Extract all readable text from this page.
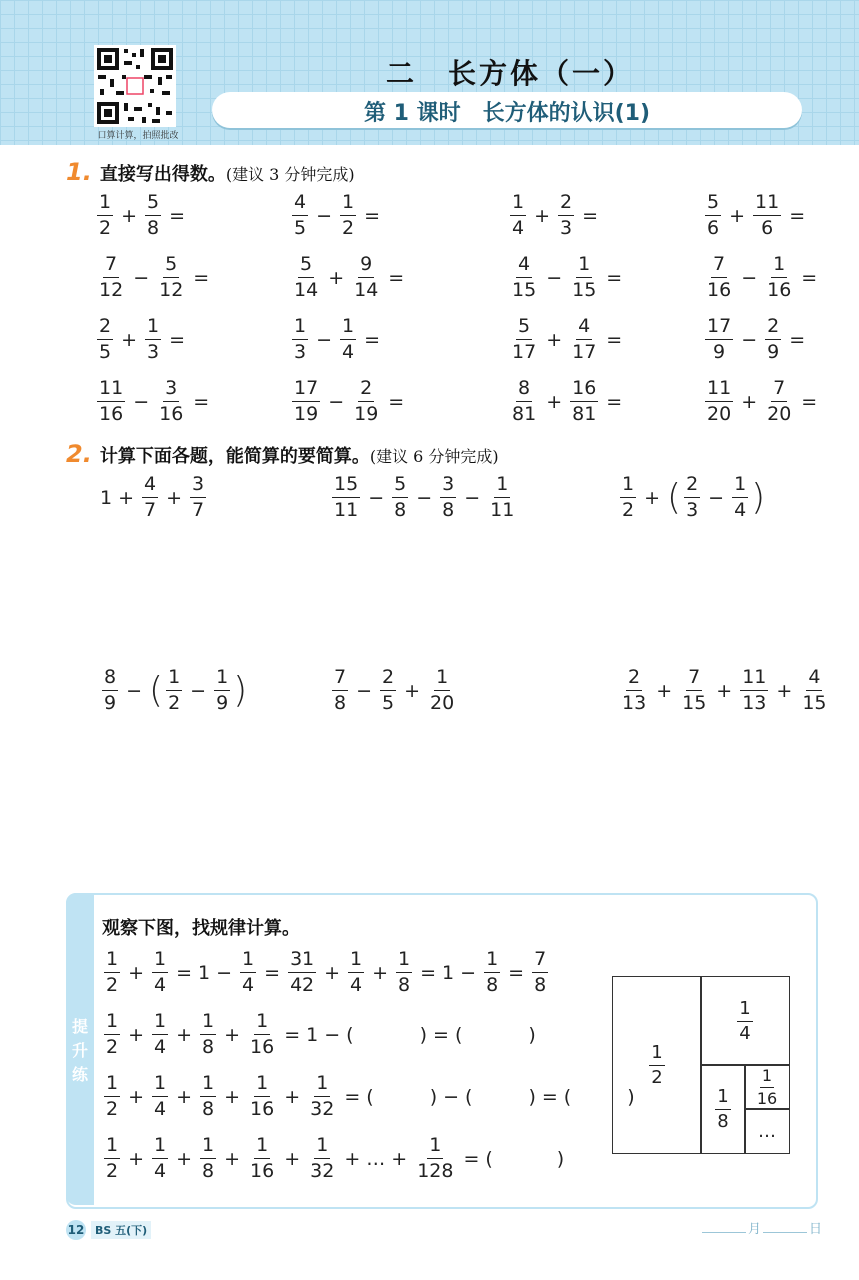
口算计算，拍照批改
二　长方体（一）
第 1 课时　长方体的认识(1)
1. 直接写出得数。(建议 3 分钟完成)
$\frac{1}{2} + \frac{5}{8}$ =	$\frac{4}{5} - \frac{1}{2}$ =	$\frac{1}{4} + \frac{2}{3}$ =	$\frac{5}{6} + \frac{11}{6}$ =
$\frac{7}{12} - \frac{5}{12}$ =	$\frac{5}{14} + \frac{9}{14}$ =	$\frac{4}{15} - \frac{1}{15}$ =	$\frac{7}{16} - \frac{1}{16}$ =
$\frac{2}{5} + \frac{1}{3}$ =	$\frac{1}{3} - \frac{1}{4}$ =	$\frac{5}{17} + \frac{4}{17}$ =	$\frac{17}{9} - \frac{2}{9}$ =
$\frac{11}{16} - \frac{3}{16}$ =	$\frac{17}{19} - \frac{2}{19}$ =	$\frac{8}{81} + \frac{16}{81}$ =	$\frac{11}{20} + \frac{7}{20}$ =
2. 计算下面各题，能简算的要简算。(建议 6 分钟完成)
$1 + \frac{4}{7} + \frac{3}{7}$	$\frac{15}{11} - \frac{5}{8} - \frac{3}{8} - \frac{1}{11}$	$\frac{1}{2}$ + ( $\frac{2}{3} - \frac{1}{4}$ )
$\frac{8}{9}$ − ( $\frac{1}{2} - \frac{1}{9}$ )	$\frac{7}{8} - \frac{2}{5} + \frac{1}{20}$	$\frac{2}{13} + \frac{7}{15} + \frac{11}{13} + \frac{4}{15}$
提升练
观察下图，找规律计算。
$\frac{1}{2} + \frac{1}{4} = 1 - \frac{1}{4} = \frac{3}{4}$
$\frac{1}{2} + \frac{1}{4} + \frac{1}{8} = 1 - \frac{1}{8} = \frac{7}{8}$
$\frac{1}{2} + \frac{1}{4} + \frac{1}{8} + \frac{1}{16} = 1$ − (	) = (	)
$\frac{1}{2} + \frac{1}{4} + \frac{1}{8} + \frac{1}{16} + \frac{1}{32}$ = (	) − (	) = (	)
$\frac{1}{2} + \frac{1}{4} + \frac{1}{8} + \frac{1}{16} + \frac{1}{32}$ + … + $\frac{1}{128}$ = (	)
$\frac{1}{2}$
$\frac{1}{4}$
$\frac{1}{8}$
$\frac{1}{16}$
…
12 BS 五(下)	月	日
